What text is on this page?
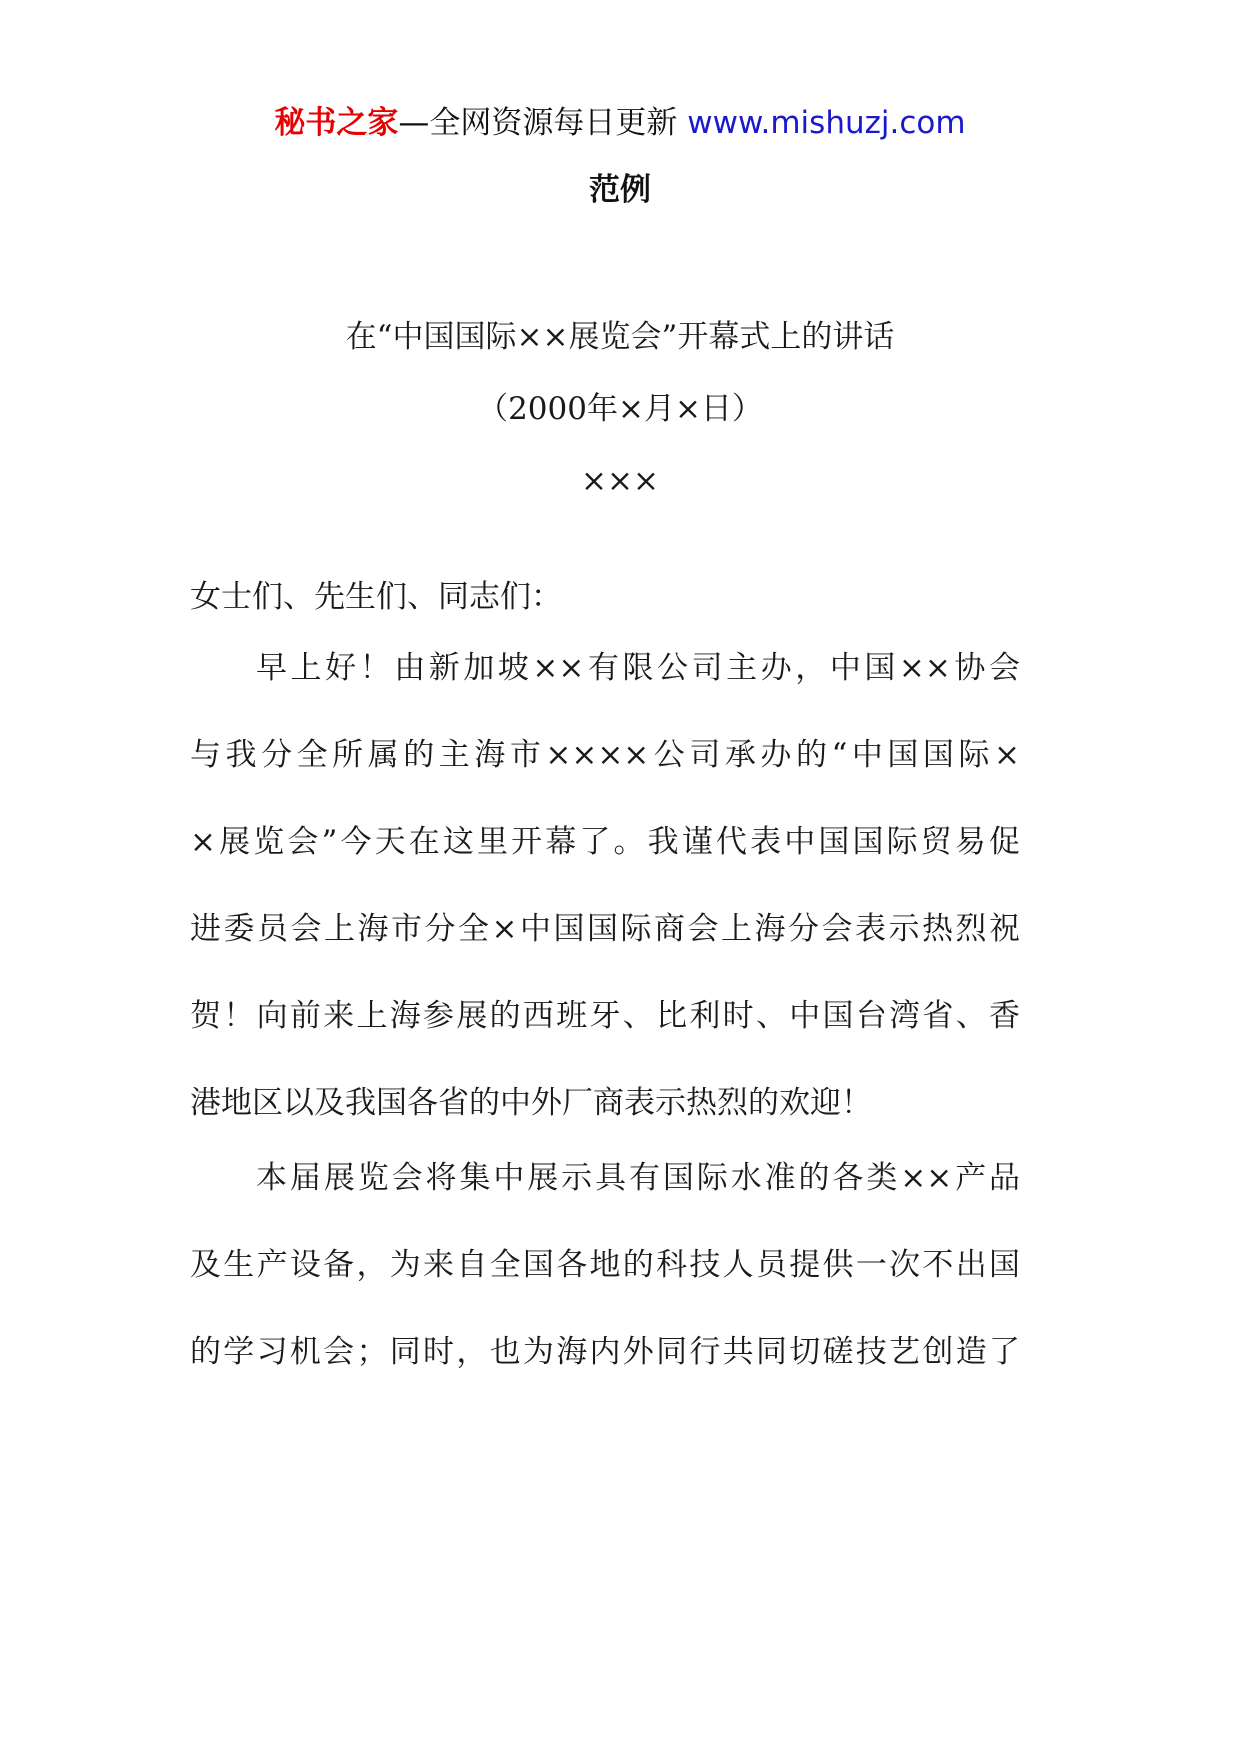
秘书之家—全网资源每日更新 www.mishuzj.com
范例
在“中国国际××展览会”开幕式上的讲话
（2000年×月×日）
×××
女士们、先生们、同志们：
早上好！由新加坡××有限公司主办，中国××协会
与我分全所属的主海市××××公司承办的“中国国际×
×展览会”今天在这里开幕了。我谨代表中国国际贸易促
进委员会上海市分全×中国国际商会上海分会表示热烈祝
贺！向前来上海参展的西班牙、比利时、中国台湾省、香
港地区以及我国各省的中外厂商表示热烈的欢迎！
本届展览会将集中展示具有国际水准的各类××产品
及生产设备，为来自全国各地的科技人员提供一次不出国
的学习机会；同时，也为海内外同行共同切磋技艺创造了
